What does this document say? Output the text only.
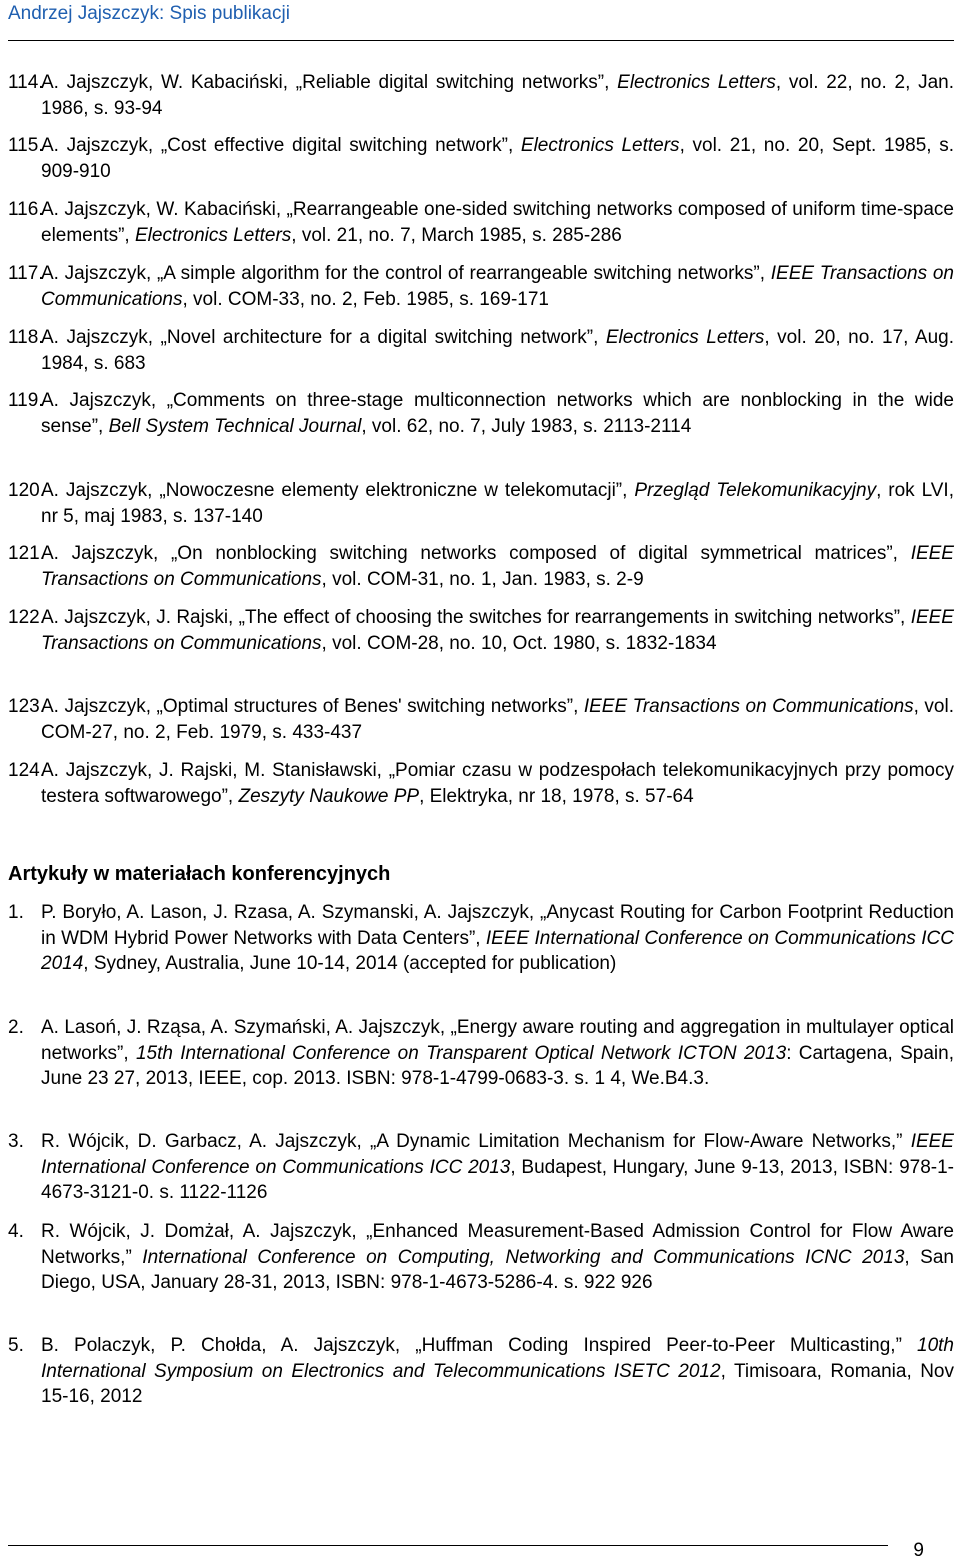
Andrzej Jajszczyk: Spis publikacji
114.
A. Jajszczyk, W. Kabaciński, „Reliable digital switching networks”, Electronics Letters, vol. 22, no. 2, Jan. 1986, s. 93-94
115.
A. Jajszczyk, „Cost effective digital switching network”, Electronics Letters, vol. 21, no. 20, Sept. 1985, s. 909-910
116.
A. Jajszczyk, W. Kabaciński, „Rearrangeable one-sided switching networks composed of uniform time-space elements”, Electronics Letters, vol. 21, no. 7, March 1985, s. 285-286
117.
A. Jajszczyk, „A simple algorithm for the control of rearrangeable switching networks”, IEEE Transactions on Communications, vol. COM-33, no. 2, Feb. 1985, s. 169-171
118.
A. Jajszczyk, „Novel architecture for a digital switching network”, Electronics Letters, vol. 20, no. 17, Aug. 1984, s. 683
119.
A. Jajszczyk, „Comments on three-stage multiconnection networks which are nonblocking in the wide sense”, Bell System Technical Journal, vol. 62, no. 7, July 1983, s. 2113-2114
120.
A. Jajszczyk, „Nowoczesne elementy elektroniczne w telekomutacji”, Przegląd Telekomunikacyjny, rok LVI, nr 5, maj 1983, s. 137-140
121.
A. Jajszczyk, „On nonblocking switching networks composed of digital symmetrical matrices”, IEEE Transactions on Communications, vol. COM-31, no. 1, Jan. 1983, s. 2-9
122.
A. Jajszczyk, J. Rajski, „The effect of choosing the switches for rearrangements in switching networks”, IEEE Transactions on Communications, vol. COM-28, no. 10, Oct. 1980, s. 1832-1834
123.
A. Jajszczyk, „Optimal structures of Benes' switching networks”, IEEE Transactions on Communications, vol. COM-27, no. 2, Feb. 1979, s. 433-437
124.
A. Jajszczyk, J. Rajski, M. Stanisławski, „Pomiar czasu w podzespołach telekomunikacyjnych przy pomocy testera softwarowego”, Zeszyty Naukowe PP, Elektryka, nr 18, 1978, s. 57-64
Artykuły w materiałach konferencyjnych
1. P. Boryło, A. Lason, J. Rzasa, A. Szymanski, A. Jajszczyk, „Anycast Routing for Carbon Footprint Reduction in WDM Hybrid Power Networks with Data Centers”, IEEE International Conference on Communications ICC 2014, Sydney, Australia, June 10-14, 2014 (accepted for publication)
2. A. Lasoń, J. Rząsa, A. Szymański, A. Jajszczyk, „Energy aware routing and aggregation in multulayer optical networks”, 15th International Conference on Transparent Optical Network ICTON 2013: Cartagena, Spain, June 23 27, 2013, IEEE, cop. 2013. ISBN: 978-1-4799-0683-3. s. 1 4, We.B4.3.
3. R. Wójcik, D. Garbacz, A. Jajszczyk, „A Dynamic Limitation Mechanism for Flow-Aware Networks,” IEEE International Conference on Communications ICC 2013, Budapest, Hungary, June 9-13, 2013, ISBN: 978-1-4673-3121-0. s. 1122-1126
4. R. Wójcik, J. Domżał, A. Jajszczyk, „Enhanced Measurement-Based Admission Control for Flow Aware Networks,” International Conference on Computing, Networking and Communications ICNC 2013, San Diego, USA, January 28-31, 2013, ISBN: 978-1-4673-5286-4. s. 922 926
5. B. Polaczyk, P. Chołda, A. Jajszczyk, „Huffman Coding Inspired Peer-to-Peer Multicasting,” 10th International Symposium on Electronics and Telecommunications ISETC 2012, Timisoara, Romania, Nov 15-16, 2012
9
